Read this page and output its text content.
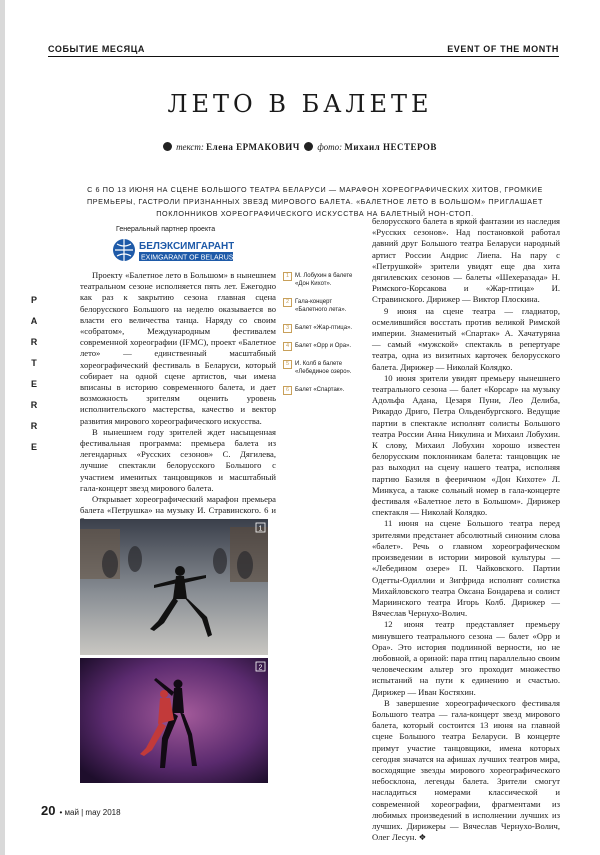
СОБЫТИЕ МЕСЯЦА	EVENT OF THE MONTH
P
A
R
T
E
R
R
E
ЛЕТО В БАЛЕТЕ
текст: Елена ЕРМАКОВИЧ фото: Михаил НЕСТЕРОВ
С 6 ПО 13 ИЮНЯ НА СЦЕНЕ БОЛЬШОГО ТЕАТРА БЕЛАРУСИ — МАРАФОН ХОРЕОГРАФИЧЕСКИХ ХИТОВ, ГРОМКИЕ ПРЕМЬЕРЫ, ГАСТРОЛИ ПРИЗНАННЫХ ЗВЕЗД МИРОВОГО БАЛЕТА. «БАЛЕТНОЕ ЛЕТО В БОЛЬШОМ» ПРИГЛАШАЕТ ПОКЛОННИКОВ ХОРЕОГРАФИЧЕСКОГО ИСКУССТВА НА БАЛЕТНЫЙ НОН-СТОП.
Генеральный партнер проекта
БЕЛЭКСИМГАРАНТ
EXIMGARANT OF BELARUS

Проекту «Балетное лето в Большом» в нынешнем театральном сезоне исполняется пять лет. Ежегодно как раз к закрытию сезона главная сцена белорусского Большого на неделю оказывается во власти его величества танца. Наряду со своим «собратом», Международным фестивалем современной хореографии (IFMC), проект «Балетное лето» — единственный масштабный хореографический фестиваль в Беларуси, который собирает на одной сцене артистов, чьи имена вписаны в историю современного балета, и дает возможность зрителям оценить уровень исполнительского мастерства, качество и вектор развития мирового хореографического искусства.

В нынешнем году зрителей ждет насыщенная фестивальная программа: премьера балета из легендарных «Русских сезонов» С. Дягилева, лучшие спектакли белорусского Большого с участием именитых танцовщиков и масштабный гала-концерт звезд мирового балета.

Открывает хореографический марафон премьера балета «Петрушка» на музыку И. Стравинского. 6 и

1 М. Лобухин в балете «Дон Кихот».
2 Гала-концерт «Балетного лета».
3 Балет «Жар-птица».
4 Балет «Орр и Ора».
5 И. Колб в балете «Лебединое озеро».
6 Балет «Спартак».

белорусского балета в яркой фантазии из наследия «Русских сезонов». Над постановкой работал давний друг Большого театра Беларуси народный артист России Андрис Лиепа. На пару с «Петрушкой» зрители увидят еще два хита дягилевских сезонов — балеты «Шехеразада» Н. Римского-Корсакова и «Жар-птица» И. Стравинского. Дирижер — Виктор Плоскина.

9 июня на сцене театра — гладиатор, осмелившийся восстать против великой Римской империи. Знаменитый «Спартак» А. Хачатуряна — самый «мужской» спектакль в репертуаре театра, одна из визитных карточек белорусского балета. Дирижер — Николай Колядко.

10 июня зрители увидят премьеру нынешнего театрального сезона — балет «Корсар» на музыку Адольфа Адана, Цезаря Пуни, Лео Делиба, Рикардо Дриго, Петра Ольденбургского. Ведущие партии в спектакле исполнят солисты Большого театра России Анна Никулина и Михаил Лобухин. К слову, Михаил Лобухин хорошо известен белорусским поклонникам балета: танцовщик не раз выходил на сцену нашего театра, исполняя партию Базиля в фееричном «Дон Кихоте» Л. Минкуса, а также сольный номер в гала-концерте фестиваля «Балетное лето в Большом». Дирижер спектакля — Николай Колядко.

11 июня на сцене Большого театра перед зрителями предстанет абсолютный синоним слова «балет». Речь о главном хореографическом произведении в истории мировой культуры — «Лебедином озере» П. Чайковского. Партии Одетты-Одиллии и Зигфрида исполнят солистка Михайловского театра Оксана Бондарева и солист Мариинского театра Игорь Колб. Дирижер — Вячеслав Чернухо-Волич.

12 июня театр представляет премьеру минувшего театрального сезона — балет «Орр и Ора». Это история подлинной верности, но не любовной, а ориной: пара птиц параллельно своим человеческим альтер эго проходит множество испытаний на пути к единению и счастью. Дирижер — Иван Костяхин.

В завершение хореографического фестиваля Большого театра — гала-концерт звезд мирового балета, который состоится 13 июня на главной сцене Большого театра Беларуси. В концерте примут участие танцовщики, имена которых сегодня значатся на афишах лучших театров мира, восходящие звезды мирового хореографического небосклона, легенды балета. Зрители смогут насладиться номерами классической и современной хореографии, фрагментами из любимых произведений в исполнении лучших из лучших. Дирижеры — Вячеслав Чернухо-Волич, Олег Лесун. ❖

1
2
20 • май | may 2018
